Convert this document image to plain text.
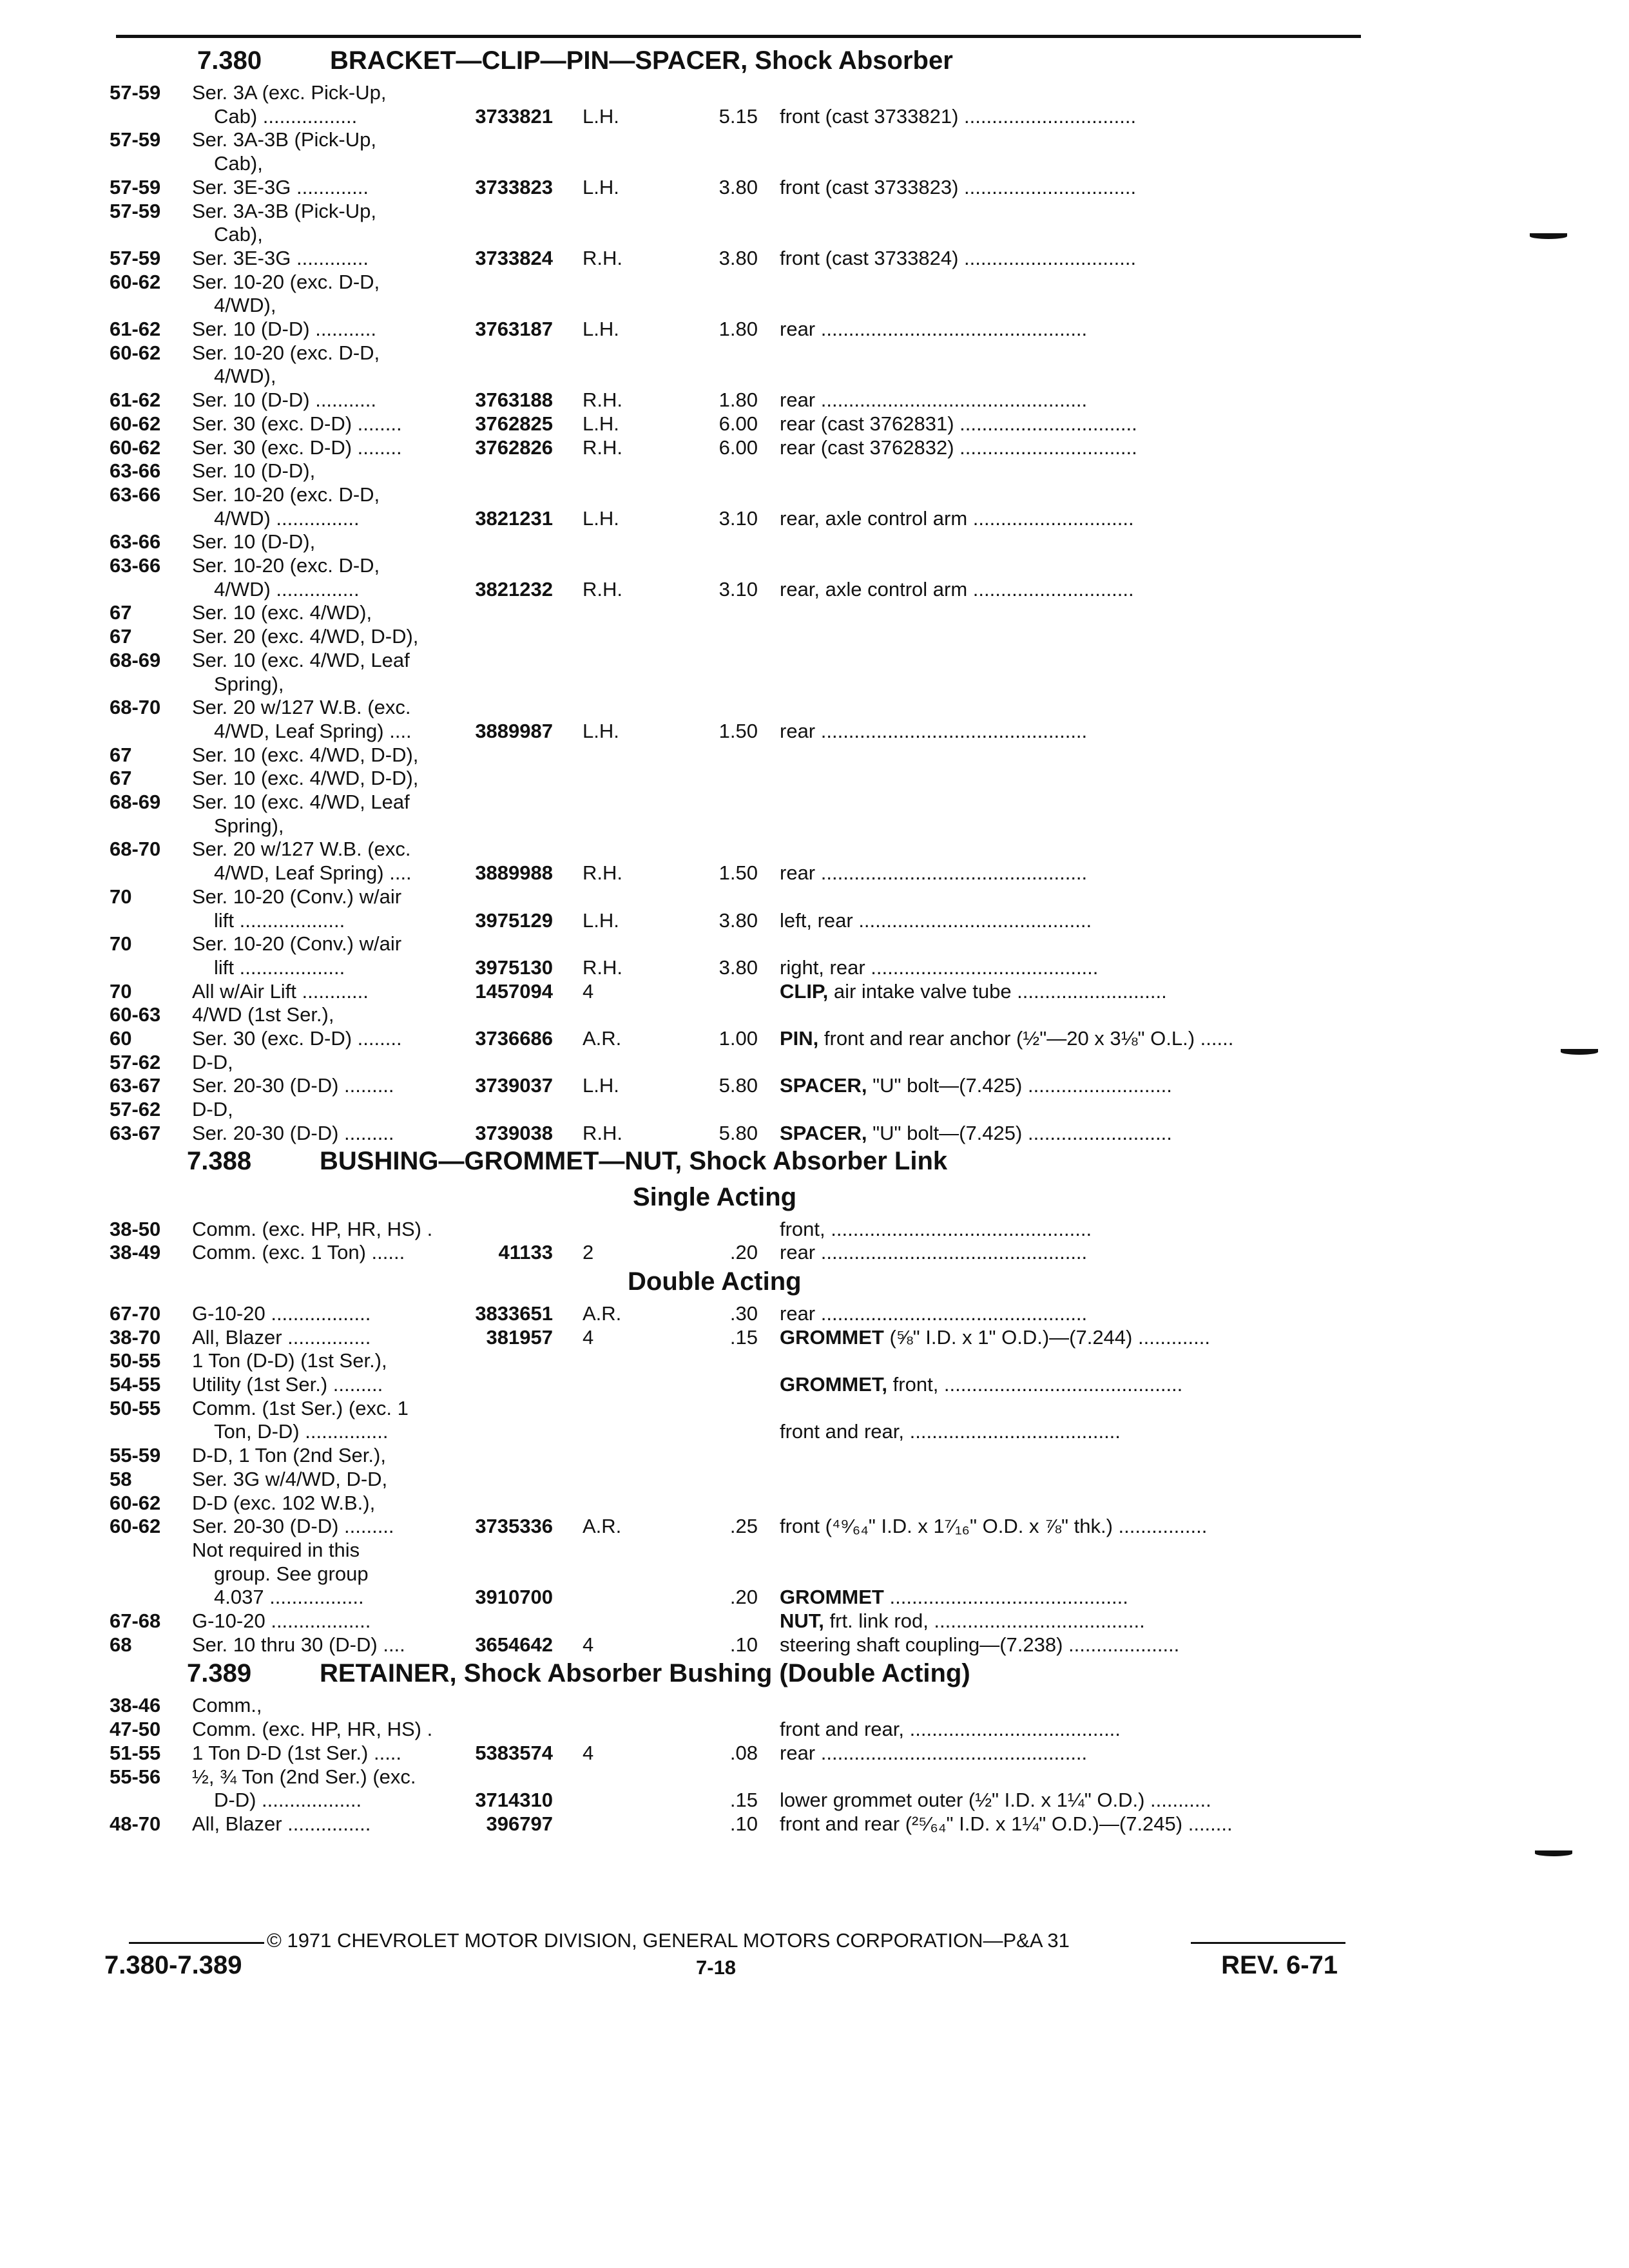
7.380	BRACKET—CLIP—PIN—SPACER, Shock Absorber
57-59 Ser. 3A (exc. Pick-Up,
Cab) .................	3733821 L.H.	5.15 front (cast 3733821) ...............................
57-59 Ser. 3A-3B (Pick-Up,
Cab),
57-59 Ser. 3E-3G .............	3733823 L.H.	3.80 front (cast 3733823) ...............................
57-59 Ser. 3A-3B (Pick-Up,
Cab),
57-59 Ser. 3E-3G .............	3733824 R.H.	3.80 front (cast 3733824) ...............................
60-62 Ser. 10-20 (exc. D-D,
4/WD),
61-62 Ser. 10 (D-D) ...........	3763187 L.H.	1.80 rear ................................................
60-62 Ser. 10-20 (exc. D-D,
4/WD),
61-62 Ser. 10 (D-D) ...........	3763188 R.H.	1.80 rear ................................................
60-62 Ser. 30 (exc. D-D) ........	3762825 L.H.	6.00 rear (cast 3762831) ................................
60-62 Ser. 30 (exc. D-D) ........	3762826 R.H.	6.00 rear (cast 3762832) ................................
63-66 Ser. 10 (D-D),
63-66 Ser. 10-20 (exc. D-D,
4/WD) ...............	3821231 L.H.	3.10 rear, axle control arm .............................
63-66 Ser. 10 (D-D),
63-66 Ser. 10-20 (exc. D-D,
4/WD) ...............	3821232 R.H.	3.10 rear, axle control arm .............................
67	Ser. 10 (exc. 4/WD),
67	Ser. 20 (exc. 4/WD, D-D),
68-69 Ser. 10 (exc. 4/WD, Leaf
Spring),
68-70 Ser. 20 w/127 W.B. (exc.
4/WD, Leaf Spring) ....	3889987 L.H.	1.50 rear ................................................
67	Ser. 10 (exc. 4/WD, D-D),
67	Ser. 10 (exc. 4/WD, D-D),
68-69 Ser. 10 (exc. 4/WD, Leaf
Spring),
68-70 Ser. 20 w/127 W.B. (exc.
4/WD, Leaf Spring) ....	3889988 R.H.	1.50 rear ................................................
70	Ser. 10-20 (Conv.) w/air
lift ...................	3975129 L.H.	3.80 left, rear ..........................................
70	Ser. 10-20 (Conv.) w/air
lift ...................	3975130 R.H.	3.80 right, rear .........................................
70	All w/Air Lift ............	1457094 4	CLIP, air intake valve tube ...........................
60-63 4/WD (1st Ser.),
60	Ser. 30 (exc. D-D) ........	3736686 A.R.	1.00 PIN, front and rear anchor (½"—20 x 3⅛" O.L.) ......
57-62 D-D,
63-67 Ser. 20-30 (D-D) .........	3739037 L.H.	5.80 SPACER, "U" bolt—(7.425) ..........................
57-62 D-D,
63-67 Ser. 20-30 (D-D) .........	3739038 R.H.	5.80 SPACER, "U" bolt—(7.425) ..........................
7.388	BUSHING—GROMMET—NUT, Shock Absorber Link
Single Acting
38-50 Comm. (exc. HP, HR, HS) .	front, ...............................................
38-49 Comm. (exc. 1 Ton) ......	41133 2	.20 rear ................................................
Double Acting
67-70 G-10-20 ..................	3833651 A.R.	.30 rear ................................................
38-70 All, Blazer ...............	381957 4	.15 GROMMET (⅝" I.D. x 1" O.D.)—(7.244) .............
50-55 1 Ton (D-D) (1st Ser.),
54-55 Utility (1st Ser.) .........	GROMMET, front, ...........................................
50-55 Comm. (1st Ser.) (exc. 1
Ton, D-D) ...............	front and rear, ......................................
55-59 D-D, 1 Ton (2nd Ser.),
58	Ser. 3G w/4/WD, D-D,
60-62 D-D (exc. 102 W.B.),
60-62 Ser. 20-30 (D-D) .........	3735336 A.R.	.25 front (⁴⁹⁄₆₄" I.D. x 1⁷⁄₁₆" O.D. x ⅞" thk.) ................
Not required in this
group. See group
4.037 .................	3910700	.20 GROMMET ...........................................
67-68 G-10-20 ..................	NUT, frt. link rod, ......................................
68	Ser. 10 thru 30 (D-D) ....	3654642 4	.10 steering shaft coupling—(7.238) ....................
7.389	RETAINER, Shock Absorber Bushing (Double Acting)
38-46 Comm.,
47-50 Comm. (exc. HP, HR, HS) .	front and rear, ......................................
51-55 1 Ton D-D (1st Ser.) .....	5383574 4	.08 rear ................................................
55-56 ½, ¾ Ton (2nd Ser.) (exc.
D-D) ..................	3714310	.15 lower grommet outer (½" I.D. x 1¼" O.D.) ...........
48-70 All, Blazer ...............	396797	.10 front and rear (²⁵⁄₆₄" I.D. x 1¼" O.D.)—(7.245) ........
© 1971 CHEVROLET MOTOR DIVISION, GENERAL MOTORS CORPORATION—P&A 31
7.380-7.389	7-18	REV. 6-71
